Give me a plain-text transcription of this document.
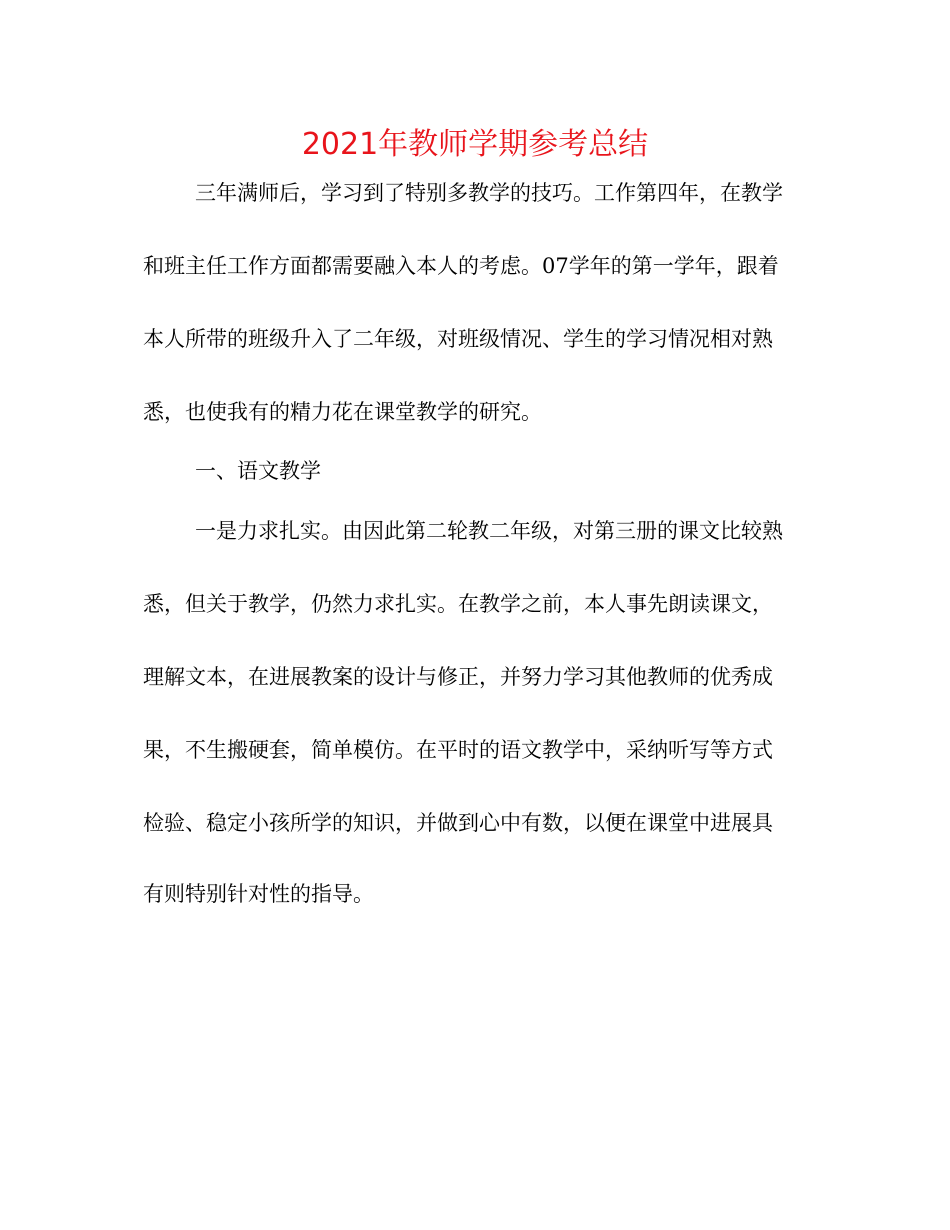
2021年教师学期参考总结

三年满师后，学习到了特别多教学的技巧。工作第四年，在教学

和班主任工作方面都需要融入本人的考虑。07学年的第一学年，跟着

本人所带的班级升入了二年级，对班级情况、学生的学习情况相对熟

悉，也使我有的精力花在课堂教学的研究。

一、语文教学

一是力求扎实。由因此第二轮教二年级，对第三册的课文比较熟

悉，但关于教学，仍然力求扎实。在教学之前，本人事先朗读课文，

理解文本，在进展教案的设计与修正，并努力学习其他教师的优秀成

果，不生搬硬套，简单模仿。在平时的语文教学中，采纳听写等方式

检验、稳定小孩所学的知识，并做到心中有数，以便在课堂中进展具

有则特别针对性的指导。
